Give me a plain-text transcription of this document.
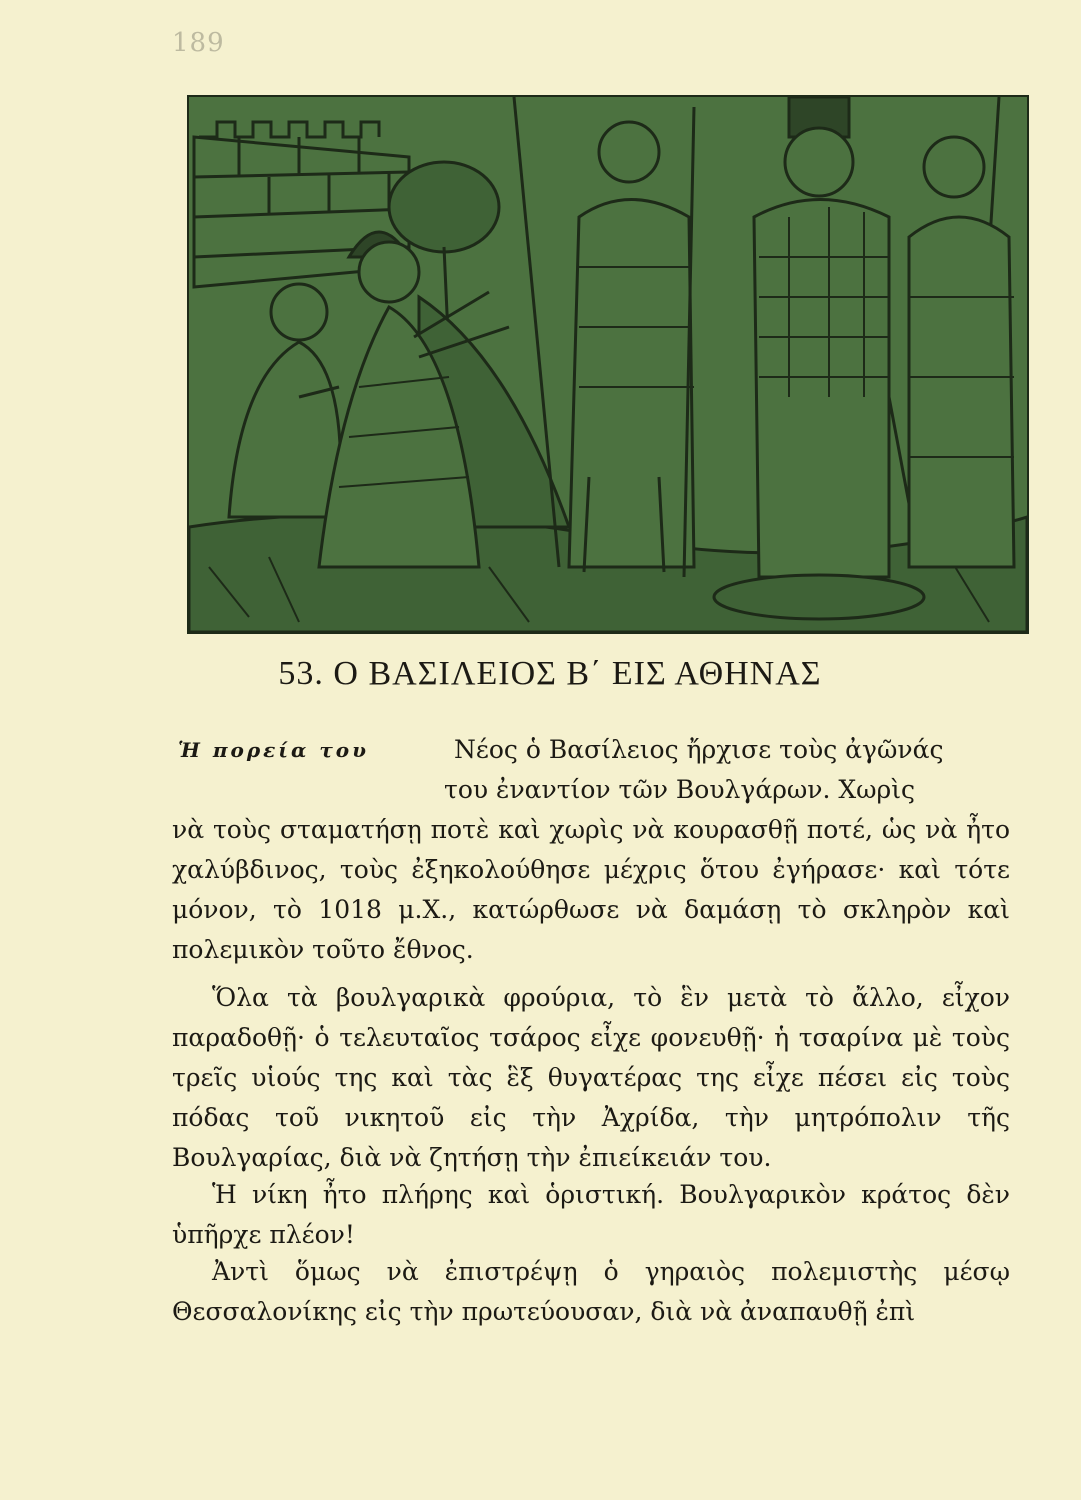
189
53. Ο ΒΑΣΙΛΕΙΟΣ Β΄ ΕΙΣ ΑΘΗΝΑΣ
Ἡ πορεία του	Νέος ὁ Βασίλειος ἤρχισε τοὺς ἀγῶνάς
του ἐναντίον τῶν Βουλγάρων. Χωρὶς
νὰ τοὺς σταματήσῃ ποτὲ καὶ χωρὶς νὰ κουρασθῇ ποτέ, ὡς νὰ ἦτο χαλύβδινος, τοὺς ἐξηκολούθησε μέχρις ὅτου ἐγήρασε· καὶ τότε μόνον, τὸ 1018 μ.Χ., κατώρθωσε νὰ δαμάσῃ τὸ σκληρὸν καὶ πολεμικὸν τοῦτο ἔθνος.
Ὅλα τὰ βουλγαρικὰ φρούρια, τὸ ἓν μετὰ τὸ ἄλλο, εἶχον παραδοθῇ· ὁ τελευταῖος τσάρος εἶχε φονευθῇ· ἡ τσαρίνα μὲ τοὺς τρεῖς υἱούς της καὶ τὰς ἓξ θυγατέρας της εἶχε πέσει εἰς τοὺς πόδας τοῦ νικητοῦ εἰς τὴν Ἀχρίδα, τὴν μητρόπολιν τῆς Βουλγαρίας, διὰ νὰ ζητήσῃ τὴν ἐπιείκειάν του.
Ἡ νίκη ἦτο πλήρης καὶ ὁριστική. Βουλγαρικὸν κράτος δὲν ὑπῆρχε πλέον!
Ἀντὶ ὅμως νὰ ἐπιστρέψῃ ὁ γηραιὸς πολεμιστὴς μέσῳ Θεσσαλονίκης εἰς τὴν πρωτεύουσαν, διὰ νὰ ἀναπαυθῇ ἐπὶ
